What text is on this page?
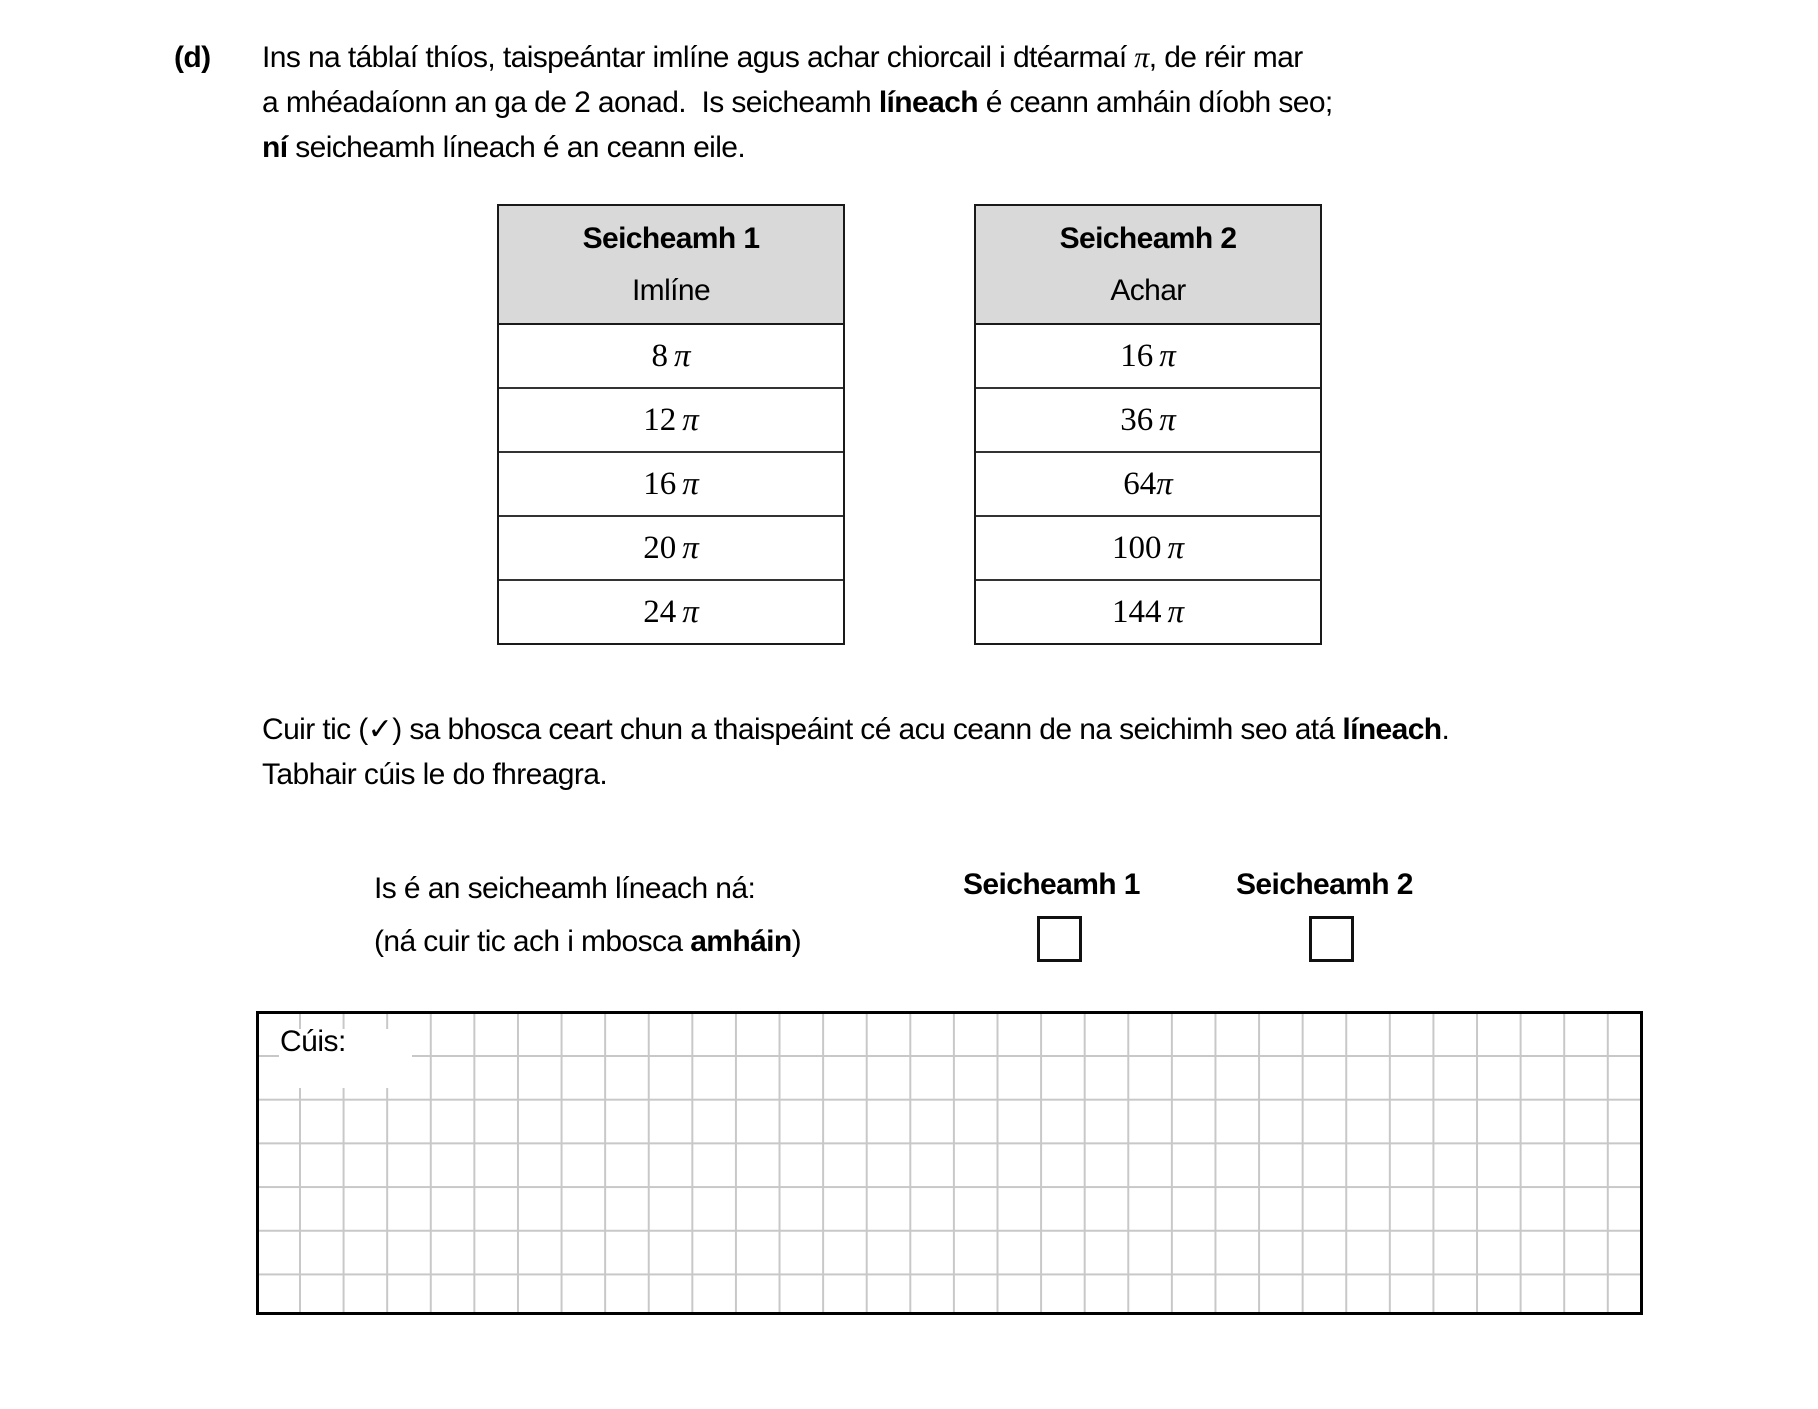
(d) Ins na táblaí thíos, taispeántar imlíne agus achar chiorcail i dtéarmaí π, de réir mar
a mhéadaíonn an ga de 2 aonad.  Is seicheamh líneach é ceann amháin díobh seo;
ní seicheamh líneach é an ceann eile.
Seicheamh 1
Imlíne
8 π
12 π
16 π
20 π
24 π
Seicheamh 2
Achar
16 π
36 π
64 π
100 π
144 π
Cuir tic (✓) sa bhosca ceart chun a thaispeáint cé acu ceann de na seichimh seo atá líneach.
Tabhair cúis le do fhreagra.
Is é an seicheamh líneach ná:
(ná cuir tic ach i mbosca amháin)
Seicheamh 1	Seicheamh 2
Cúis:
